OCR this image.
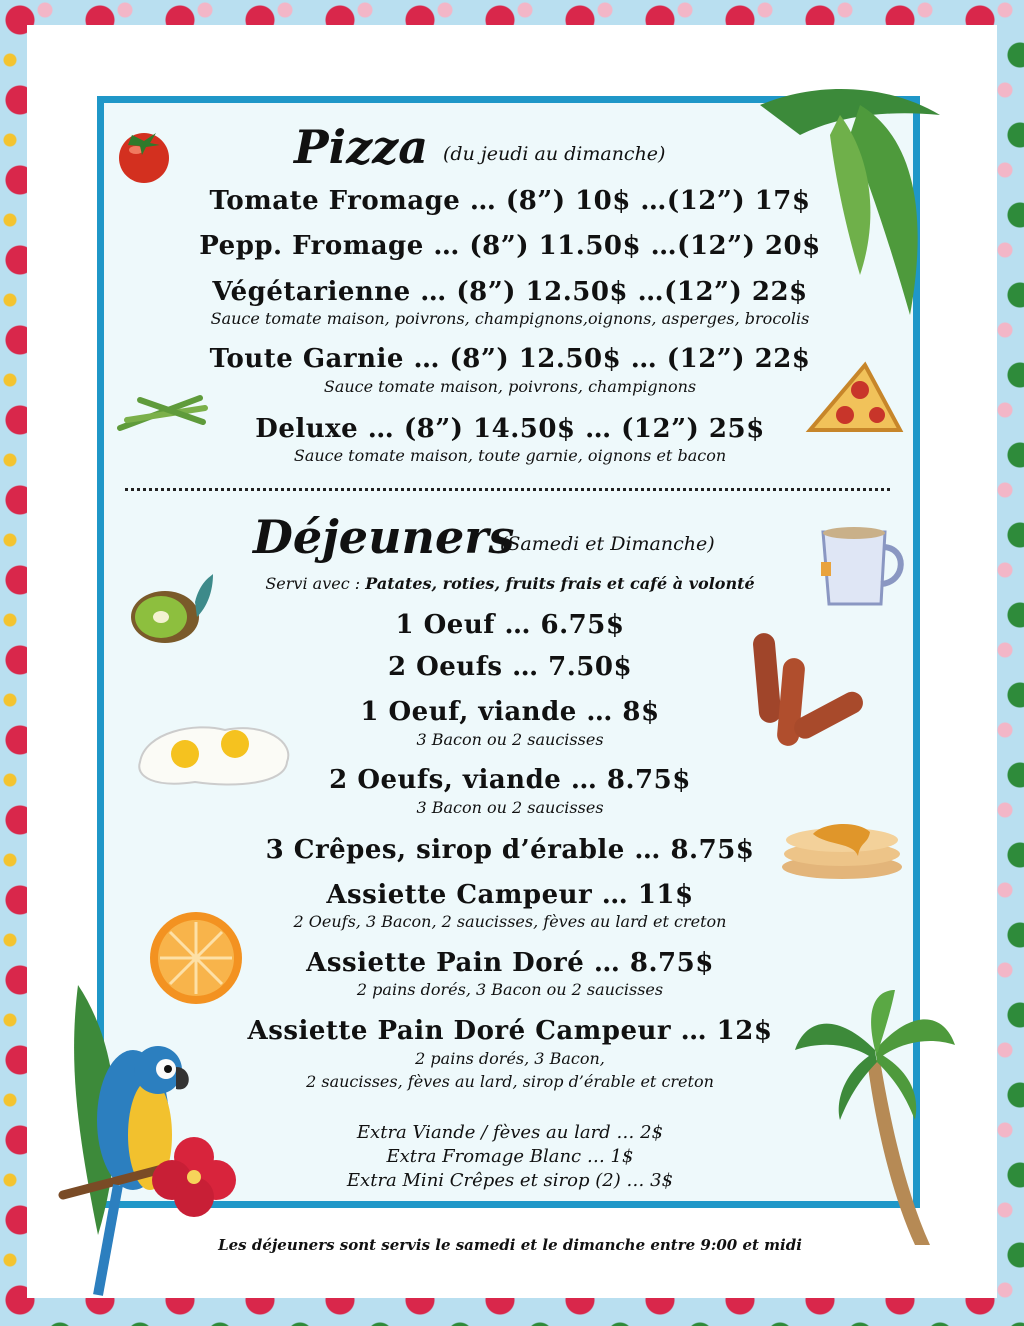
Pizza (du jeudi au dimanche)
Tomate Fromage … (8”) 10$ …(12”) 17$
Pepp. Fromage … (8”) 11.50$ …(12”) 20$
Végétarienne … (8”) 12.50$ …(12”) 22$
Sauce tomate maison, poivrons, champignons,oignons, asperges, brocolis
Toute Garnie … (8”) 12.50$ … (12”) 22$
Sauce tomate maison, poivrons, champignons
Deluxe … (8”) 14.50$ … (12”) 25$
Sauce tomate maison, toute garnie, oignons et bacon
Déjeuners
(Samedi et Dimanche)
Servi avec : Patates, roties, fruits frais et café à volonté
1 Oeuf … 6.75$
2 Oeufs … 7.50$
1 Oeuf, viande … 8$
3 Bacon ou 2 saucisses
2 Oeufs, viande … 8.75$
3 Bacon ou 2 saucisses
3 Crêpes, sirop d’érable … 8.75$
Assiette Campeur … 11$
2 Oeufs, 3 Bacon, 2 saucisses, fèves au lard et creton
Assiette Pain Doré … 8.75$
2 pains dorés, 3 Bacon ou 2 saucisses
Assiette Pain Doré Campeur … 12$
2 pains dorés, 3 Bacon,
2 saucisses, fèves au lard, sirop d’érable et creton
Extra Viande / fèves au lard … 2$
Extra Fromage Blanc … 1$
Extra Mini Crêpes et sirop (2) … 3$
Les déjeuners sont servis le samedi et le dimanche entre 9:00 et midi
